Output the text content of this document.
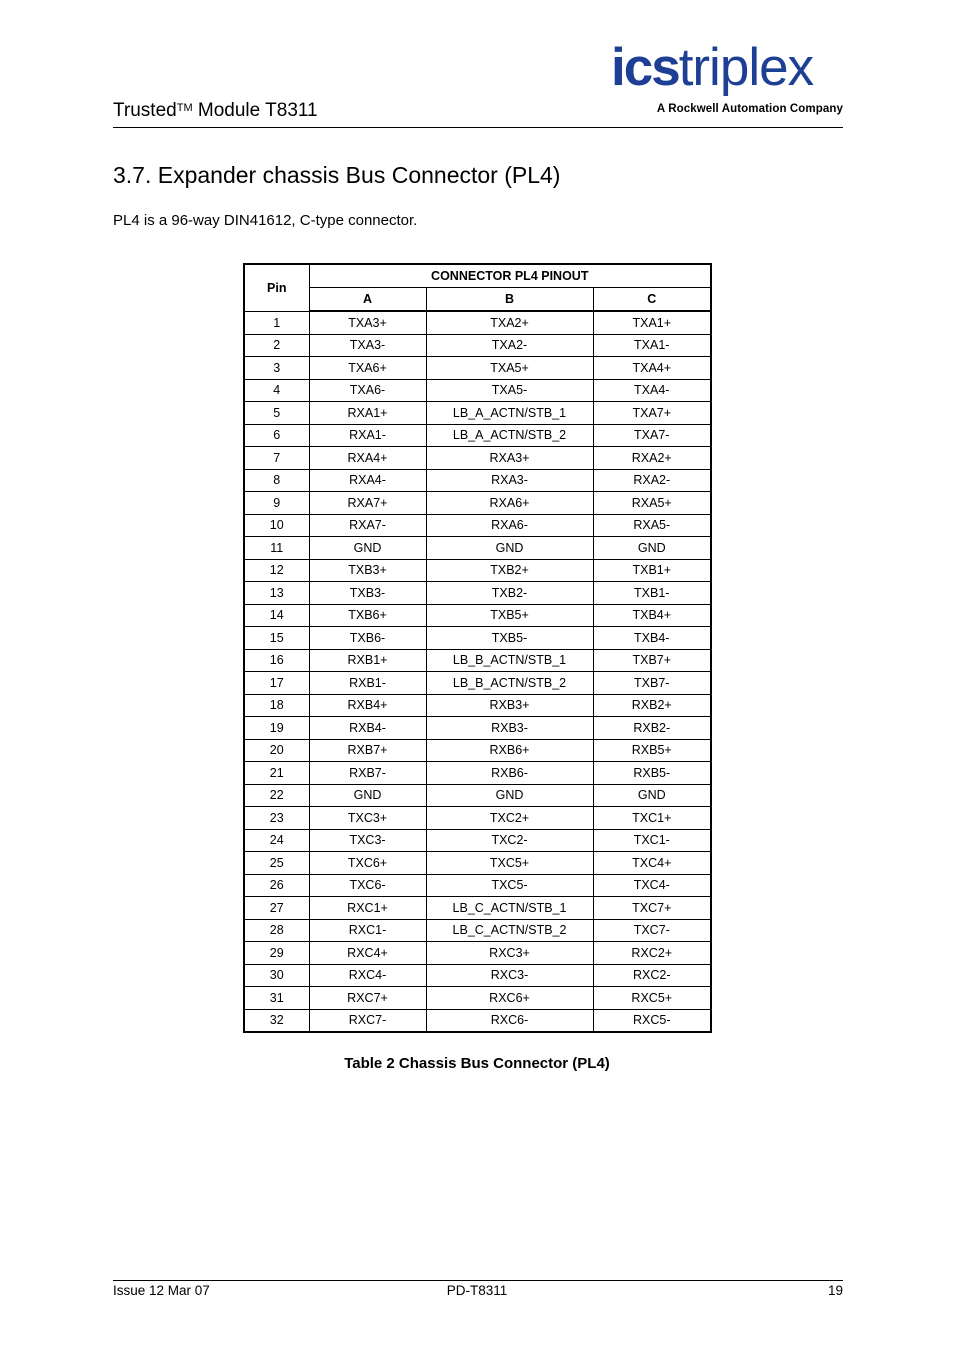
Trusted™ Module T8311
icstriplex
A Rockwell Automation Company
3.7. Expander chassis Bus Connector (PL4)
PL4 is a 96-way DIN41612, C-type connector.
Pin	CONNECTOR PL4 PINOUT		
	A	B	C
1	TXA3+	TXA2+	TXA1+
2	TXA3-	TXA2-	TXA1-
3	TXA6+	TXA5+	TXA4+
4	TXA6-	TXA5-	TXA4-
5	RXA1+	LB_A_ACTN/STB_1	TXA7+
6	RXA1-	LB_A_ACTN/STB_2	TXA7-
7	RXA4+	RXA3+	RXA2+
8	RXA4-	RXA3-	RXA2-
9	RXA7+	RXA6+	RXA5+
10	RXA7-	RXA6-	RXA5-
11	GND	GND	GND
12	TXB3+	TXB2+	TXB1+
13	TXB3-	TXB2-	TXB1-
14	TXB6+	TXB5+	TXB4+
15	TXB6-	TXB5-	TXB4-
16	RXB1+	LB_B_ACTN/STB_1	TXB7+
17	RXB1-	LB_B_ACTN/STB_2	TXB7-
18	RXB4+	RXB3+	RXB2+
19	RXB4-	RXB3-	RXB2-
20	RXB7+	RXB6+	RXB5+
21	RXB7-	RXB6-	RXB5-
22	GND	GND	GND
23	TXC3+	TXC2+	TXC1+
24	TXC3-	TXC2-	TXC1-
25	TXC6+	TXC5+	TXC4+
26	TXC6-	TXC5-	TXC4-
27	RXC1+	LB_C_ACTN/STB_1	TXC7+
28	RXC1-	LB_C_ACTN/STB_2	TXC7-
29	RXC4+	RXC3+	RXC2+
30	RXC4-	RXC3-	RXC2-
31	RXC7+	RXC6+	RXC5+
32	RXC7-	RXC6-	RXC5-
Table 2 Chassis Bus Connector (PL4)
Issue 12 Mar 07	PD-T8311	19
